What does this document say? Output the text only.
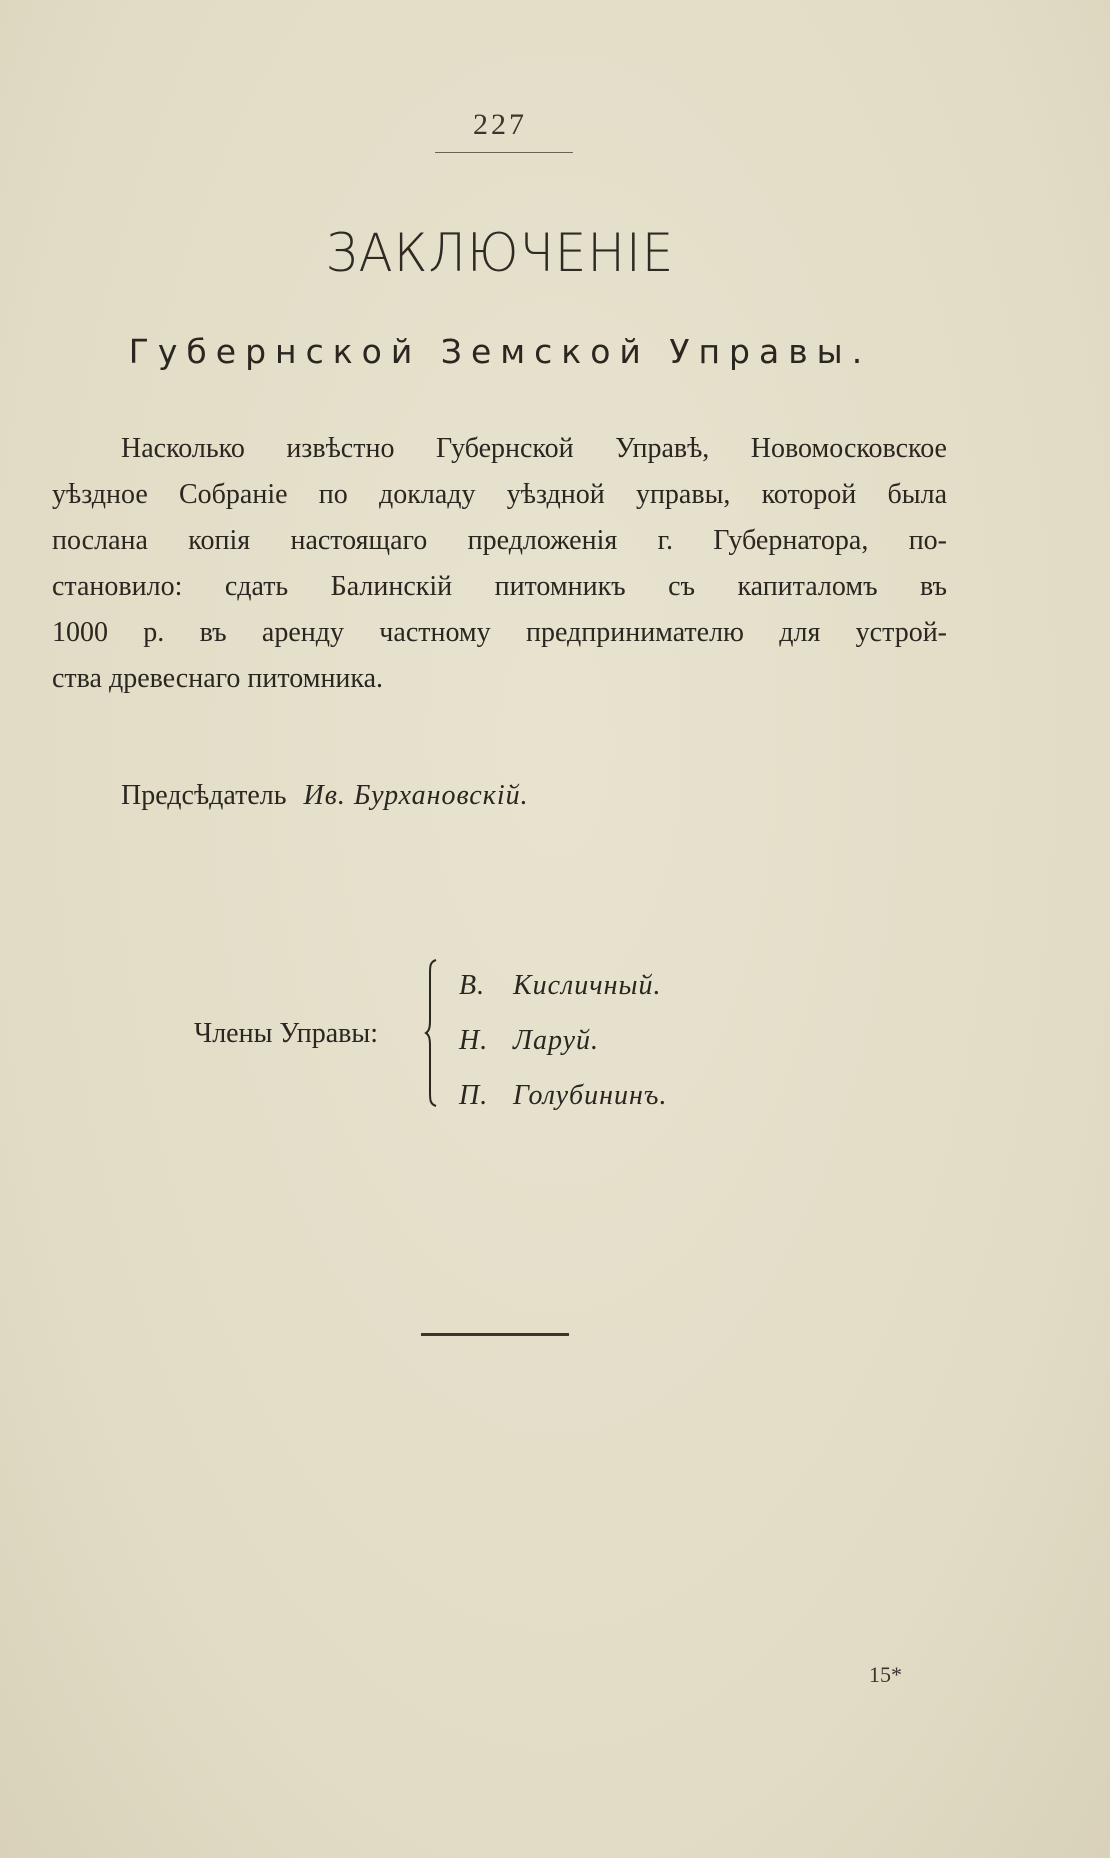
227
ЗАКЛЮЧЕНІЕ
Губернской Земской Управы.
Насколько извѣстно Губернской Управѣ, Новомосковское
уѣздное Собраніе по докладу уѣздной управы, которой была
послана копія настоящаго предложенія г. Губернатора, по-
становило: сдать Балинскій питомникъ съ капиталомъ въ
1000 р. въ аренду частному предпринимателю для устрой-
ства древеснаго питомника.
Предсѣдатель Ив. Бурхановскій.
Члены Управы:
В. Кисличный.
Н. Ларуй.
П. Голубининъ.
15*
